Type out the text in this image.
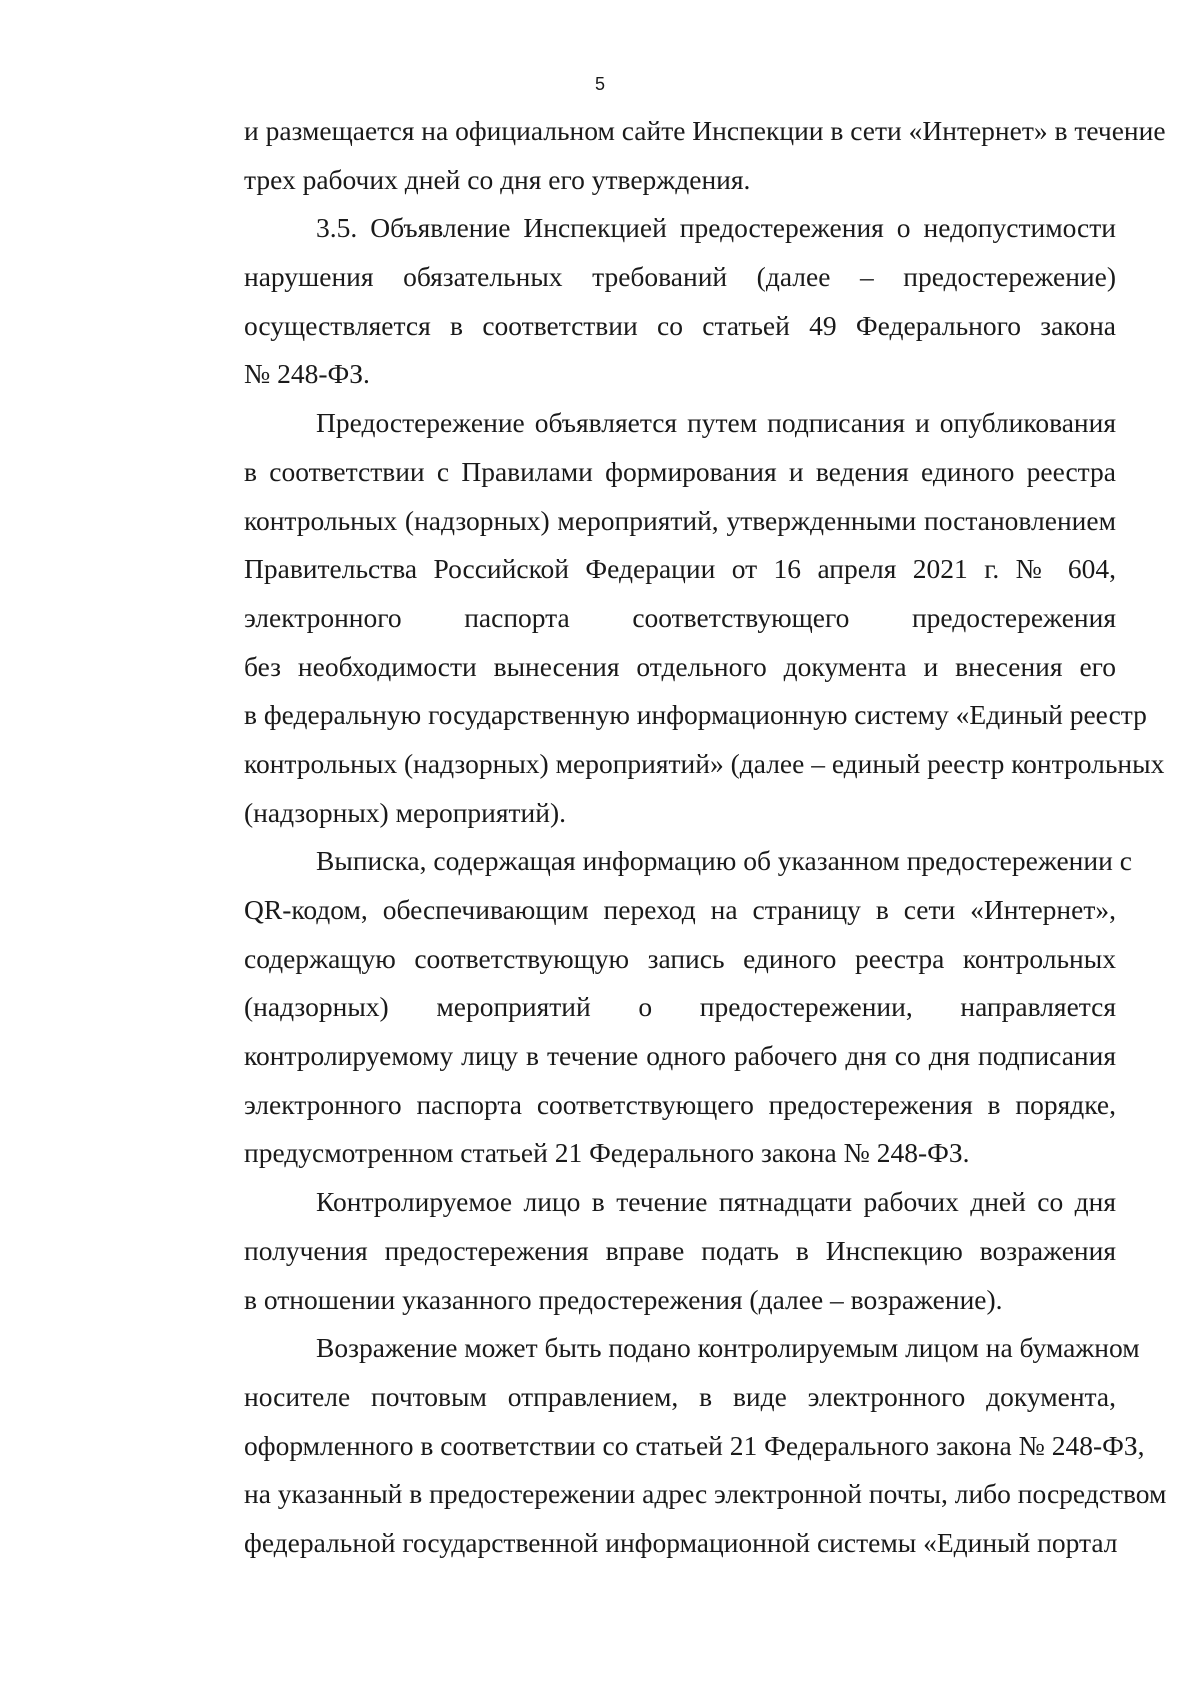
5
и размещается на официальном сайте Инспекции в сети «Интернет» в течение
трех рабочих дней со дня его утверждения.
3.5. Объявление Инспекцией предостережения о недопустимости
нарушения обязательных требований (далее – предостережение)
осуществляется в соответствии со статьей 49 Федерального закона
№ 248-ФЗ.
Предостережение объявляется путем подписания и опубликования
в соответствии с Правилами формирования и ведения единого реестра
контрольных (надзорных) мероприятий, утвержденными постановлением
Правительства Российской Федерации от 16 апреля 2021 г. № 604,
электронного паспорта соответствующего предостережения
без необходимости вынесения отдельного документа и внесения его
в федеральную государственную информационную систему «Единый реестр
контрольных (надзорных) мероприятий» (далее – единый реестр контрольных
(надзорных) мероприятий).
Выписка, содержащая информацию об указанном предостережении с
QR-кодом, обеспечивающим переход на страницу в сети «Интернет»,
содержащую соответствующую запись единого реестра контрольных
(надзорных) мероприятий о предостережении, направляется
контролируемому лицу в течение одного рабочего дня со дня подписания
электронного паспорта соответствующего предостережения в порядке,
предусмотренном статьей 21 Федерального закона № 248-ФЗ.
Контролируемое лицо в течение пятнадцати рабочих дней со дня
получения предостережения вправе подать в Инспекцию возражения
в отношении указанного предостережения (далее – возражение).
Возражение может быть подано контролируемым лицом на бумажном
носителе почтовым отправлением, в виде электронного документа,
оформленного в соответствии со статьей 21 Федерального закона № 248-ФЗ,
на указанный в предостережении адрес электронной почты, либо посредством
федеральной государственной информационной системы «Единый портал
